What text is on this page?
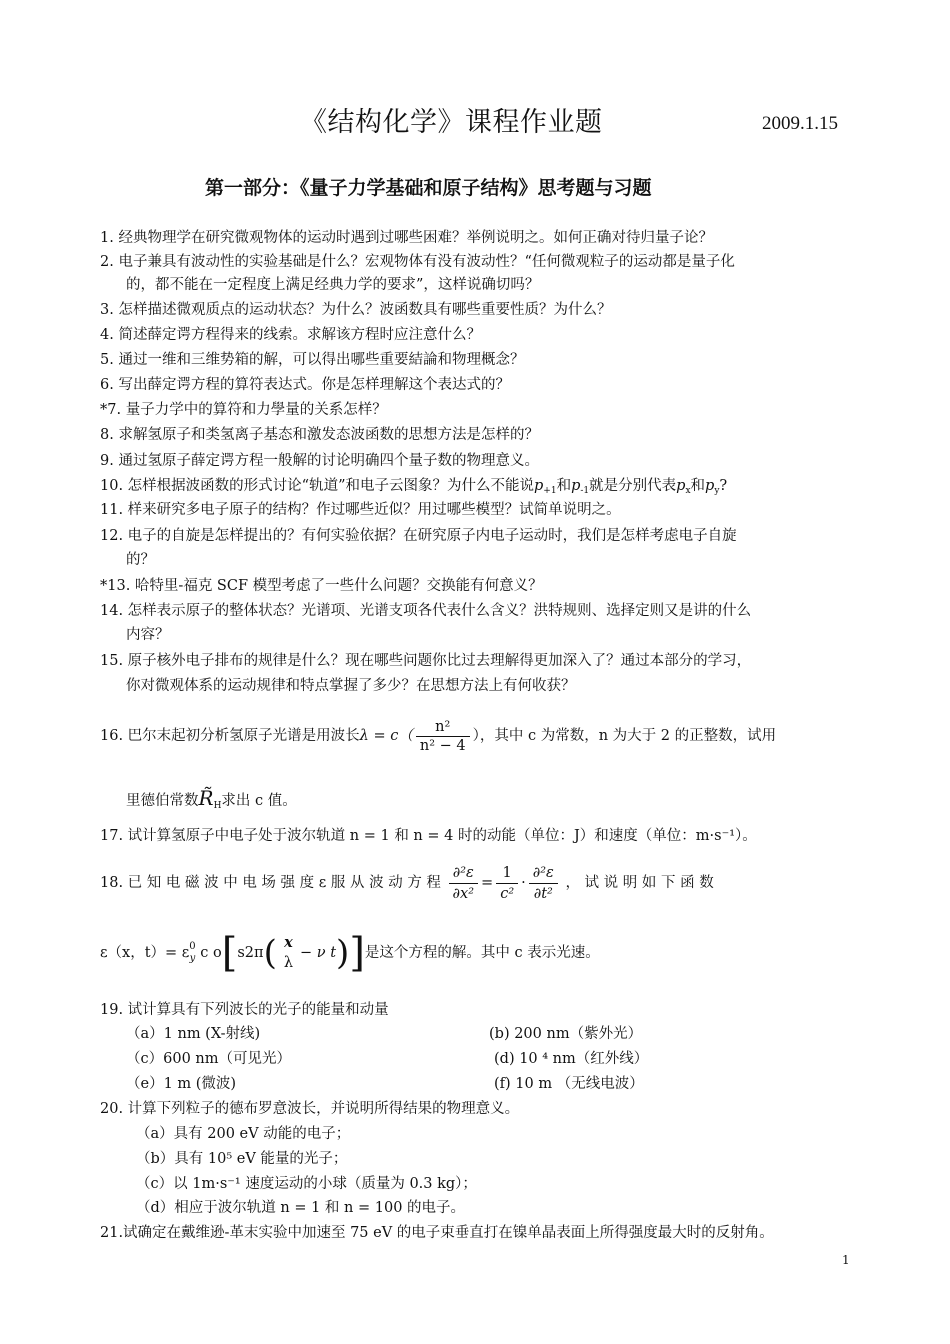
《结构化学》课程作业题	2009.1.15
第一部分：《量子力学基础和原子结构》思考题与习题
1. 经典物理学在研究微观物体的运动时遇到过哪些困难？举例说明之。如何正确对待归量子论？
2. 电子兼具有波动性的实验基础是什么？宏观物体有没有波动性？“任何微观粒子的运动都是量子化
的，都不能在一定程度上满足经典力学的要求”，这样说确切吗？
3. 怎样描述微观质点的运动状态？为什么？波函数具有哪些重要性质？为什么？
4. 简述薛定谔方程得来的线索。求解该方程时应注意什么？
5. 通过一维和三维势箱的解，可以得出哪些重要結論和物理概念？
6. 写出薛定谔方程的算符表达式。你是怎样理解这个表达式的？
*7. 量子力学中的算符和力學量的关系怎样？
8. 求解氢原子和类氢离子基态和激发态波函数的思想方法是怎样的？
9. 通过氢原子薛定谔方程一般解的讨论明确四个量子数的物理意义。
10. 怎样根据波函数的形式讨论“轨道”和电子云图象？为什么不能说$p_{+1}$和$p_{-1}$就是分别代表$p_x$和$p_y$?
11. 样来研究多电子原子的结构？作过哪些近似？用过哪些模型？试简单说明之。
12. 电子的自旋是怎样提出的？有何实验依据？在研究原子内电子运动时，我们是怎样考虑电子自旋
的？
*13. 哈特里-福克 SCF 模型考虑了一些什么问题？交换能有何意义？
14. 怎样表示原子的整体状态？光谱项、光谱支项各代表什么含义？洪特规则、选择定则又是讲的什么
内容？
15. 原子核外电子排布的规律是什么？现在哪些问题你比过去理解得更加深入了？通过本部分的学习，
你对微观体系的运动规律和特点掌握了多少？在思想方法上有何收获？
16. 巴尔末起初分析氢原子光谱是用波长$\lambda = c( \frac{\text{n²}}{\text{n² − 4}}$ ），其中 c 为常数，n 为大于 2 的正整数，试用
里德伯常数$R̃_H$求出 c 值。
17. 试计算氢原子中电子处于波尔轨道 n = 1 和 n = 4 时的动能（单位：J）和速度（单位：m·s⁻¹）。
18. 已 知 电 磁 波 中 电 场 强 度 ε 服 从 波 动 方 程 $\frac{\text{∂²ε}}{\text{∂x²}} = \frac{1}{\text{c²}} \cdot \frac{\text{∂²ε}}{\text{∂t²}}$ ， 试 说 明 如 下 函 数
ε（x，t）= ε 0
y c o[s2π( x
λ
− ν t)]是这个方程的解。其中 c 表示光速。
19. 试计算具有下列波长的光子的能量和动量
（a）1 nm (X-射线)	(b) 200 nm（紫外光）
（c）600 nm（可见光）	(d) 10 ⁴ nm（红外线）
（e）1 m (微波)	(f) 10 m （无线电波）
20. 计算下列粒子的德布罗意波长，并说明所得结果的物理意义。
（a）具有 200 eV 动能的电子；
（b）具有 10⁵ eV 能量的光子；
（c）以 1m·s⁻¹ 速度运动的小球（质量为 0.3 kg）；
（d）相应于波尔轨道 n = 1 和 n = 100 的电子。
21.试确定在戴维逊-革末实验中加速至 75 eV 的电子束垂直打在镍单晶表面上所得强度最大时的反射角。
1
